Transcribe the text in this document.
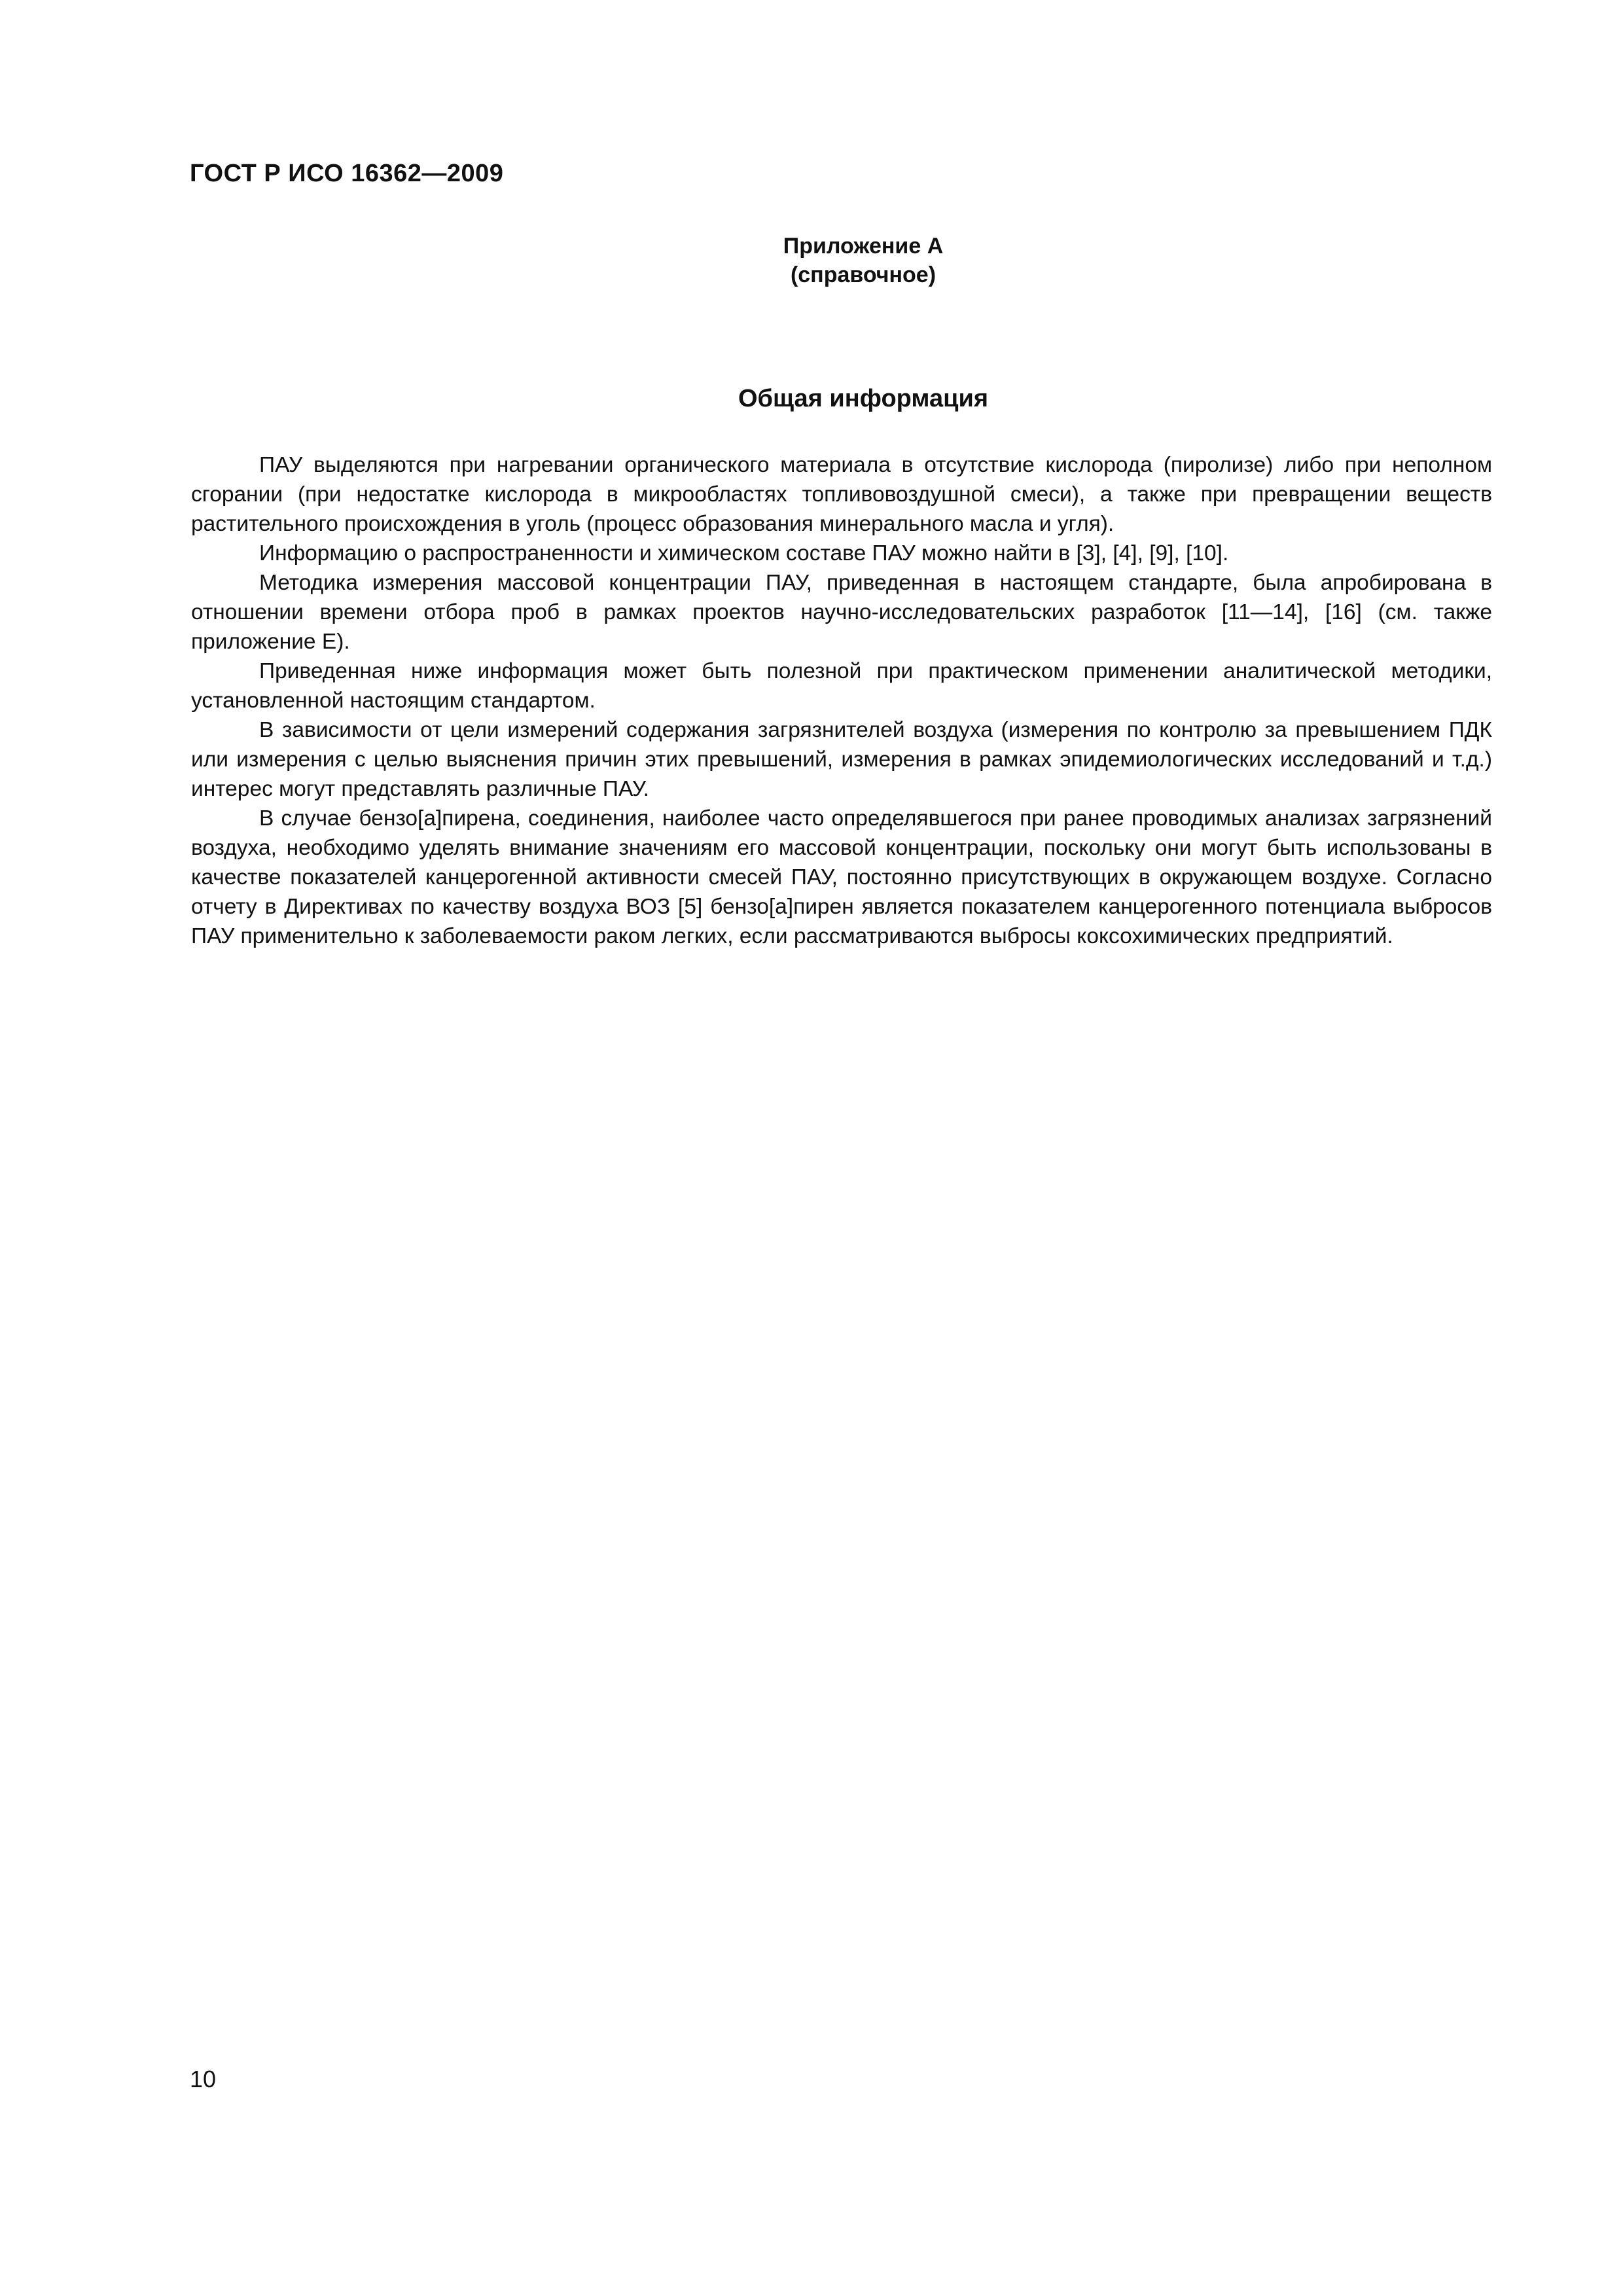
ГОСТ Р ИСО 16362—2009
Приложение А
(справочное)
Общая информация

ПАУ выделяются при нагревании органического материала в отсутствие кислорода (пиролизе) либо при неполном сгорании (при недостатке кислорода в микрообластях топливовоздушной смеси), а также при превращении веществ растительного происхождения в уголь (процесс образования минерального масла и угля).

Информацию о распространенности и химическом составе ПАУ можно найти в [3], [4], [9], [10].

Методика измерения массовой концентрации ПАУ, приведенная в настоящем стандарте, была апробирована в отношении времени отбора проб в рамках проектов научно-исследовательских разработок [11—14], [16] (см. также приложение Е).

Приведенная ниже информация может быть полезной при практическом применении аналитической методики, установленной настоящим стандартом.

В зависимости от цели измерений содержания загрязнителей воздуха (измерения по контролю за превышением ПДК или измерения с целью выяснения причин этих превышений, измерения в рамках эпидемиологических исследований и т.д.) интерес могут представлять различные ПАУ.

В случае бензо[а]пирена, соединения, наиболее часто определявшегося при ранее проводимых анализах загрязнений воздуха, необходимо уделять внимание значениям его массовой концентрации, поскольку они могут быть использованы в качестве показателей канцерогенной активности смесей ПАУ, постоянно присутствующих в окружающем воздухе. Согласно отчету в Директивах по качеству воздуха ВОЗ [5] бензо[а]пирен является показателем канцерогенного потенциала выбросов ПАУ применительно к заболеваемости раком легких, если рассматриваются выбросы коксохимических предприятий.

10
